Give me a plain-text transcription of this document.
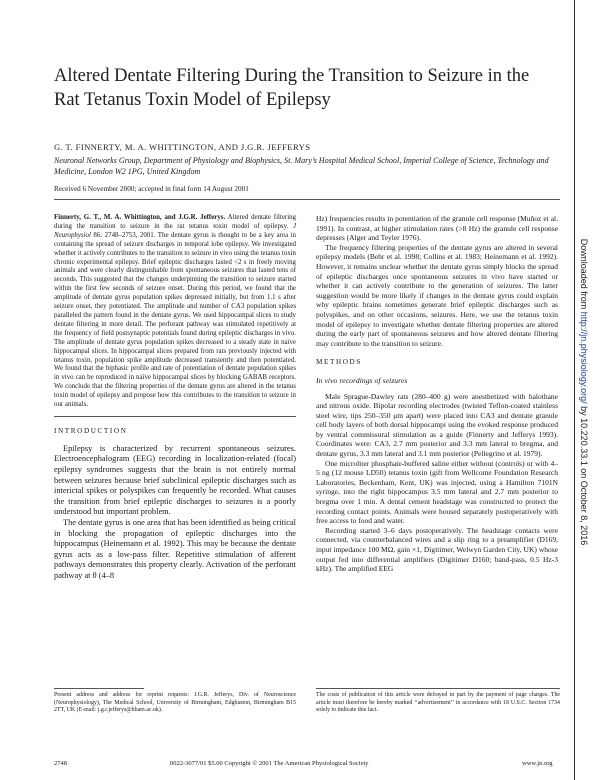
Altered Dentate Filtering During the Transition to Seizure in the Rat Tetanus Toxin Model of Epilepsy
G. T. FINNERTY, M. A. WHITTINGTON, AND J.G.R. JEFFERYS
Neuronal Networks Group, Department of Physiology and Biophysics, St. Mary’s Hospital Medical School, Imperial College of Science, Technology and Medicine, London W2 1PG, United Kingdom
Received 6 November 2000; accepted in final form 14 August 2001

Finnerty, G. T., M. A. Whittington, and J.G.R. Jefferys. Altered dentate filtering during the transition to seizure in the rat tetanus toxin model of epilepsy. J Neurophysiol 86: 2748–2753, 2001. The dentate gyrus is thought to be a key area in containing the spread of seizure discharges in temporal lobe epilepsy. We investigated whether it actively contributes to the transition to seizure in vivo using the tetanus toxin chronic experimental epilepsy. Brief epileptic discharges lasted <2 s in freely moving animals and were clearly distinguishable from spontaneous seizures that lasted tens of seconds. This suggested that the changes underpinning the transition to seizure started within the first few seconds of seizure onset. During this period, we found that the amplitude of dentate gyrus population spikes depressed initially, but from 1.1 s after seizure onset, they potentiated. The amplitude and number of CA3 population spikes paralleled the pattern found in the dentate gyrus. We used hippocampal slices to study dentate filtering in more detail. The perforant pathway was stimulated repetitively at the frequency of field postsynaptic potentials found during epileptic discharges in vivo. The amplitude of dentate gyrus population spikes decreased to a steady state in naïve hippocampal slices. In hippocampal slices prepared from rats previously injected with tetanus toxin, population spike amplitude decreased transiently and then potentiated. We found that the biphasic profile and rate of potentiation of dentate population spikes in vivo can be reproduced in naïve hippocampal slices by blocking GABAB receptors. We conclude that the filtering properties of the dentate gyrus are altered in the tetanus toxin model of epilepsy and propose how this contributes to the transition to seizure in our animals.

INTRODUCTION

Epilepsy is characterized by recurrent spontaneous seizures. Electroencephalogram (EEG) recording in localization-related (focal) epilepsy syndromes suggests that the brain is not entirely normal between seizures because brief subclinical epileptic discharges such as interictal spikes or polyspikes can frequently be recorded. What causes the transition from brief epileptic discharges to seizures is a poorly understood but important problem.

The dentate gyrus is one area that has been identified as being critical in blocking the propagation of epileptic discharges into the hippocampus (Heinemann et al. 1992). This may be because the dentate gyrus acts as a low-pass filter. Repetitive stimulation of afferent pathways demonstrates this property clearly. Activation of the perforant pathway at θ (4–8

Hz) frequencies results in potentiation of the granule cell response (Muñoz et al. 1991). In contrast, at higher stimulation rates (>8 Hz) the granule cell response depresses (Alger and Teyler 1976).

The frequency filtering properties of the dentate gyrus are altered in several epilepsy models (Behr et al. 1998; Collins et al. 1983; Heinemann et al. 1992). However, it remains unclear whether the dentate gyrus simply blocks the spread of epileptic discharges once spontaneous seizures in vivo have started or whether it can actively contribute to the generation of seizures. The latter suggestion would be more likely if changes in the dentate gyrus could explain why epileptic brains sometimes generate brief epileptic discharges such as polyspikes, and on other occasions, seizures. Here, we use the tetanus toxin model of epilepsy to investigate whether dentate filtering properties are altered during the early part of spontaneous seizures and how altered dentate filtering may contribute to the transition to seizure.

METHODS
In vivo recordings of seizures

Male Sprague-Dawley rats (280–400 g) were anesthetized with halothane and nitrous oxide. Bipolar recording electrodes (twisted Teflon-coated stainless steel wire, tips 250–350 μm apart) were placed into CA3 and dentate granule cell body layers of both dorsal hippocampi using the evoked response produced by ventral commissural stimulation as a guide (Finnerty and Jefferys 1993). Coordinates were: CA3, 2.7 mm posterior and 3.3 mm lateral to bregma, and dentate gyrus, 3.3 mm lateral and 3.1 mm posterior (Pellegrino et al. 1979).

One microliter phosphate-buffered saline either without (controls) or with 4–5 ng (12 mouse LD50) tetanus toxin (gift from Wellcome Foundation Research Laboratories, Beckenham, Kent, UK) was injected, using a Hamilton 7101N syringe, into the right hippocampus 3.5 mm lateral and 2.7 mm posterior to bregma over 1 min. A dental cement headstage was constructed to protect the recording contact points. Animals were housed separately postoperatively with free access to food and water.

Recording started 3–6 days postoperatively. The headstage contacts were connected, via counterbalanced wires and a slip ring to a preamplifier (D169, input impedance 100 MΩ, gain ×1, Digitimer, Welwyn Garden City, UK) whose output fed into differential amplifiers (Digitimer D160; band-pass, 0.5 Hz-3 kHz). The amplified EEG

Present address and address for reprint requests: J.G.R. Jefferys, Div. of Neuroscience (Neurophysiology), The Medical School, University of Birmingham, Edgbaston, Birmingham B15 2TT, UK (E-mail: j.g.r.jefferys@bham.ac.uk).
The costs of publication of this article were defrayed in part by the payment of page charges. The article must therefore be hereby marked ‘‘advertisement’’ in accordance with 18 U.S.C. Section 1734 solely to indicate this fact.
2748	0022-3077/01 $5.00 Copyright © 2001 The American Physiological Society	www.jn.org
Downloaded from http://jn.physiology.org/ by 10.220.33.1 on October 8, 2016
